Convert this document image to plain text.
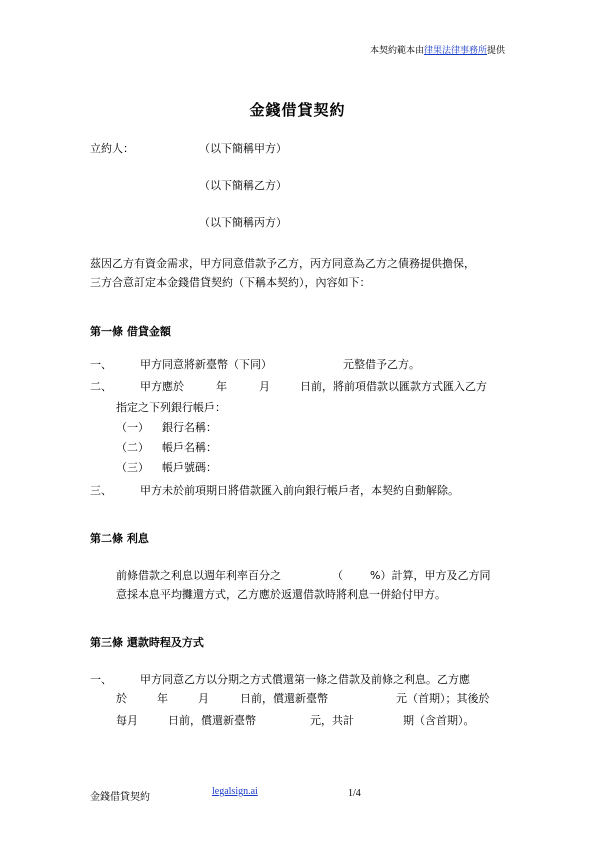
本契約範本由律果法律事務所提供
金錢借貸契約
立約人：	（以下簡稱甲方）
（以下簡稱乙方）
（以下簡稱丙方）
茲因乙方有資金需求，甲方同意借款予乙方，丙方同意為乙方之債務提供擔保，
三方合意訂定本金錢借貸契約（下稱本契約），內容如下：
第一條 借貸金額
一、	甲方同意將新臺幣（下同）	元整借予乙方。
二、	甲方應於	年	月	日前，將前項借款以匯款方式匯入乙方
指定之下列銀行帳戶：
（一） 銀行名稱：
（二） 帳戶名稱：
（三） 帳戶號碼：
三、	甲方未於前項期日將借款匯入前向銀行帳戶者，本契約自動解除。
第二條 利息
前條借款之利息以週年利率百分之	（ %）計算，甲方及乙方同
意採本息平均攤還方式，乙方應於返還借款時將利息一併給付甲方。
第三條 還款時程及方式
一、	甲方同意乙方以分期之方式償還第一條之借款及前條之利息。乙方應
於	年	月	日前，償還新臺幣	元（首期）；其後於
每月	日前，償還新臺幣	元，共計	期（含首期）。
金錢借貸契約
legalsign.ai	1/4
